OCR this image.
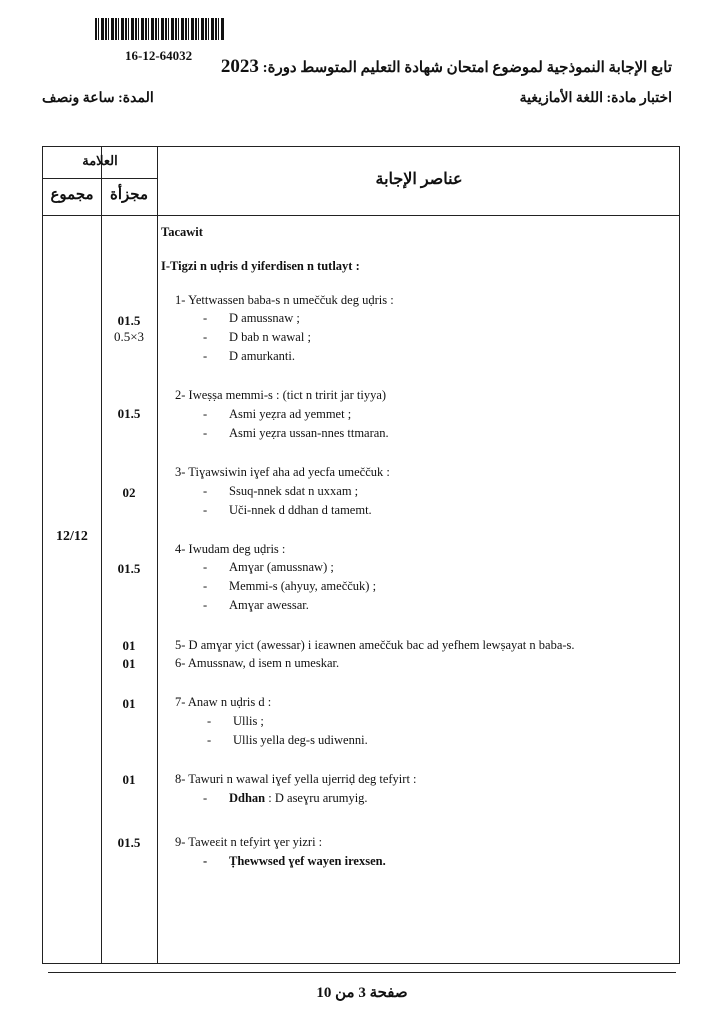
16-12-64032
تابع الإجابة النموذجية لموضوع امتحان شهادة التعليم المتوسط دورة: 2023
اختبار مادة: اللغة الأمازيغية
المدة: ساعة ونصف
العلامة
مجموع	مجزأة
عناصر الإجابة
12/12
01.5
0.5×3
01.5
02
01.5
01
01
01
01
01.5
Tacawit
I-Tigzi n uḍris d yiferdisen n tutlayt :
1- Yettwassen baba-s n umeččuk deg uḍris :
- D amussnaw ;
- D bab n wawal ;
- D amurkanti.
2- Iweṣṣa memmi-s : (tict n tririt jar tiyya)
- Asmi yeẓra ad yemmet ;
- Asmi yeẓra ussan-nnes ttmaran.
3- Tiɣawsiwin iɣef aha ad yecfa umeččuk :
- Ssuq-nnek sdat n uxxam ;
- Uči-nnek d ddhan d tamemt.
4- Iwudam deg uḍris :
- Amɣar (amussnaw) ;
- Memmi-s (ahyuy, ameččuk) ;
- Amɣar awessar.
5- D amɣar yict (awessar) i iɛawnen ameččuk bac ad yefhem lewṣayat n baba-s.
6- Amussnaw, d isem n umeskar.
7- Anaw n uḍris d :
- Ullis ;
- Ullis yella deg-s udiwenni.
8- Tawuri n wawal iɣef yella ujerriḍ deg tefyirt :
- Ddhan : D aseɣru arumyig.
9- Taweɛit n tefyirt ɣer yizri :
- Ṭhewwsed ɣef wayen irexsen.
صفحة 3 من 10
